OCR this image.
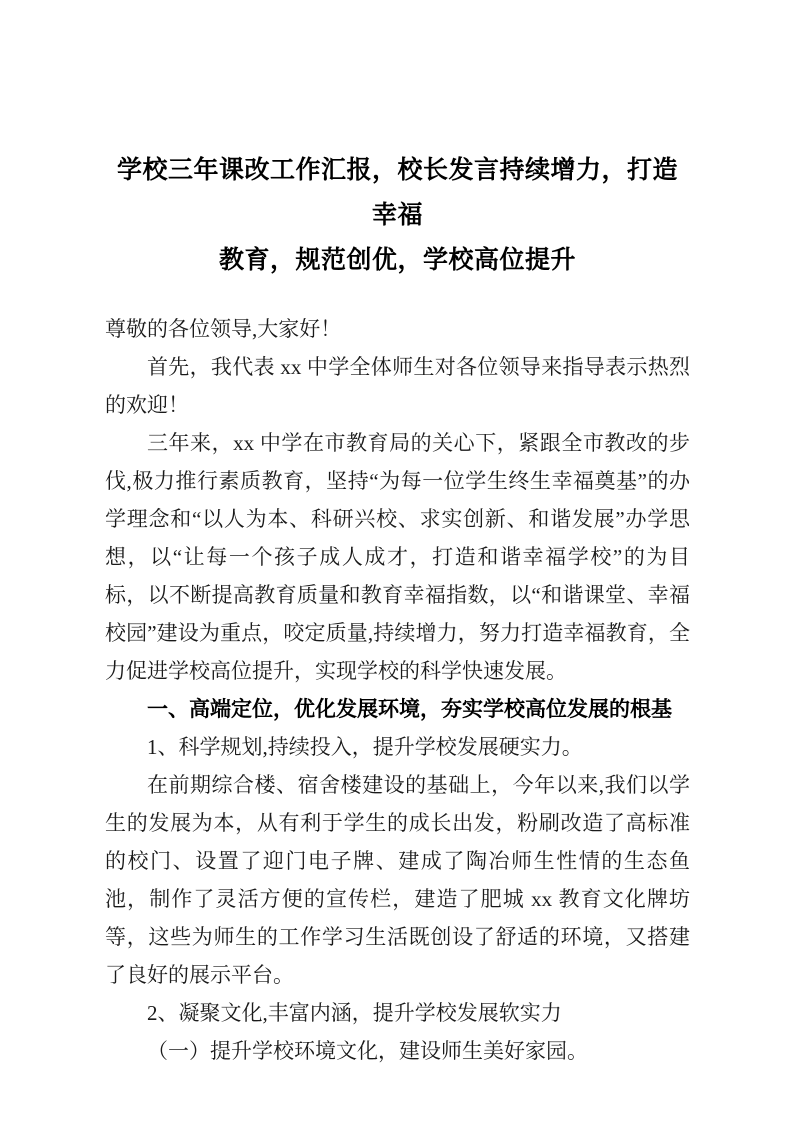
学校三年课改工作汇报，校长发言持续增力，打造幸福
教育，规范创优，学校高位提升

尊敬的各位领导,大家好！

首先，我代表 xx 中学全体师生对各位领导来指导表示热烈的欢迎！

三年来，xx 中学在市教育局的关心下，紧跟全市教改的步伐,极力推行素质教育，坚持“为每一位学生终生幸福奠基”的办学理念和“以人为本、科研兴校、求实创新、和谐发展”办学思想，以“让每一个孩子成人成才，打造和谐幸福学校”的为目标，以不断提高教育质量和教育幸福指数，以“和谐课堂、幸福校园”建设为重点，咬定质量,持续增力，努力打造幸福教育，全力促进学校高位提升，实现学校的科学快速发展。

一、高端定位，优化发展环境，夯实学校高位发展的根基

1、科学规划,持续投入，提升学校发展硬实力。

在前期综合楼、宿舍楼建设的基础上，今年以来,我们以学生的发展为本，从有利于学生的成长出发，粉刷改造了高标准的校门、设置了迎门电子牌、建成了陶冶师生性情的生态鱼池，制作了灵活方便的宣传栏，建造了肥城 xx 教育文化牌坊等，这些为师生的工作学习生活既创设了舒适的环境，又搭建了良好的展示平台。

2、凝聚文化,丰富内涵，提升学校发展软实力

（一）提升学校环境文化，建设师生美好家园。
